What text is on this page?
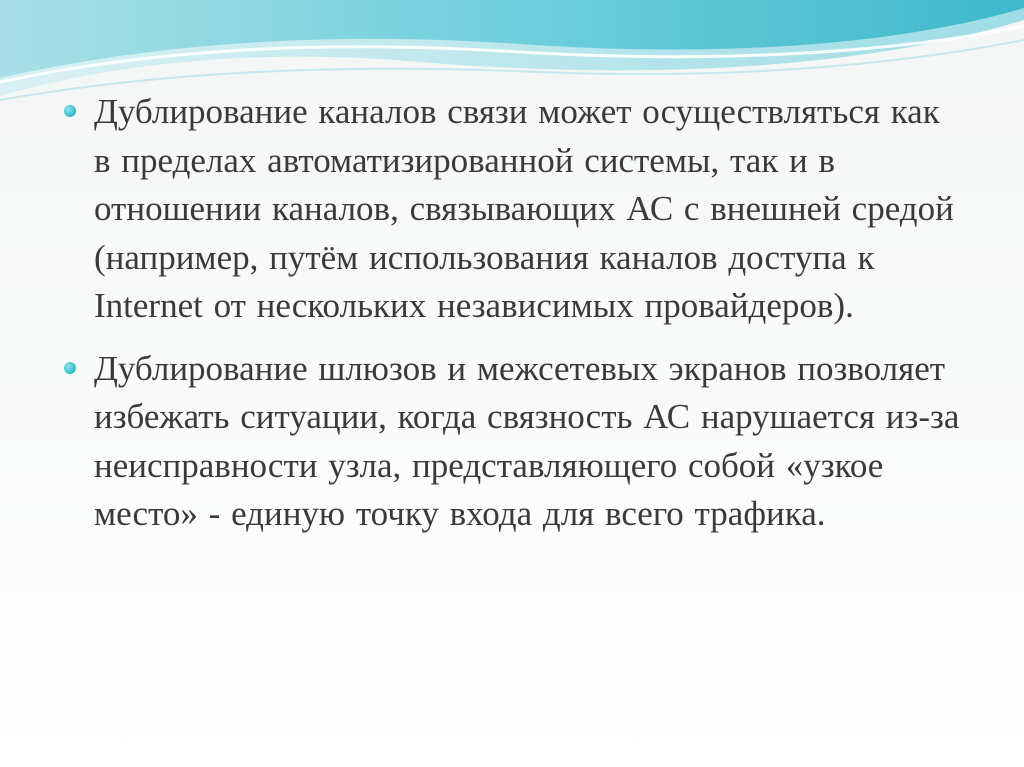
Дублирование каналов связи может осуществляться как в пределах автоматизированной системы, так и в отношении каналов, связывающих АС с внешней средой (например, путём использования каналов доступа к Internet от нескольких независимых провайдеров).
Дублирование шлюзов и межсетевых экранов позволяет избежать ситуации, когда связность АС нарушается из-за неисправности узла, представляющего собой «узкое место» - единую точку входа для всего трафика.
